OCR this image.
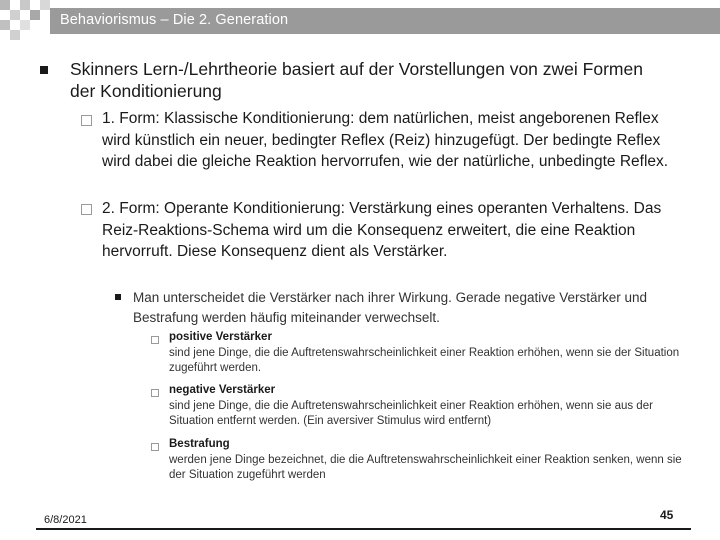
Behaviorismus – Die 2. Generation
Skinners Lern-/Lehrtheorie basiert auf der Vorstellungen von zwei Formen der Konditionierung
1. Form: Klassische Konditionierung: dem natürlichen, meist angeborenen Reflex wird künstlich ein neuer, bedingter Reflex (Reiz) hinzugefügt. Der bedingte Reflex wird dabei die gleiche Reaktion hervorrufen, wie der natürliche, unbedingte Reflex.
2. Form: Operante Konditionierung: Verstärkung eines operanten Verhaltens. Das Reiz-Reaktions-Schema wird um die Konsequenz erweitert, die eine Reaktion hervorruft. Diese Konsequenz dient als Verstärker.
Man unterscheidet die Verstärker nach ihrer Wirkung. Gerade negative Verstärker und Bestrafung werden häufig miteinander verwechselt.
positive Verstärker
sind jene Dinge, die die Auftretenswahrscheinlichkeit einer Reaktion erhöhen, wenn sie der Situation zugeführt werden.
negative Verstärker
sind jene Dinge, die die Auftretenswahrscheinlichkeit einer Reaktion erhöhen, wenn sie aus der Situation entfernt werden. (Ein aversiver Stimulus wird entfernt)
Bestrafung
werden jene Dinge bezeichnet, die die Auftretenswahrscheinlichkeit einer Reaktion senken, wenn sie der Situation zugeführt werden
6/8/2021	45
